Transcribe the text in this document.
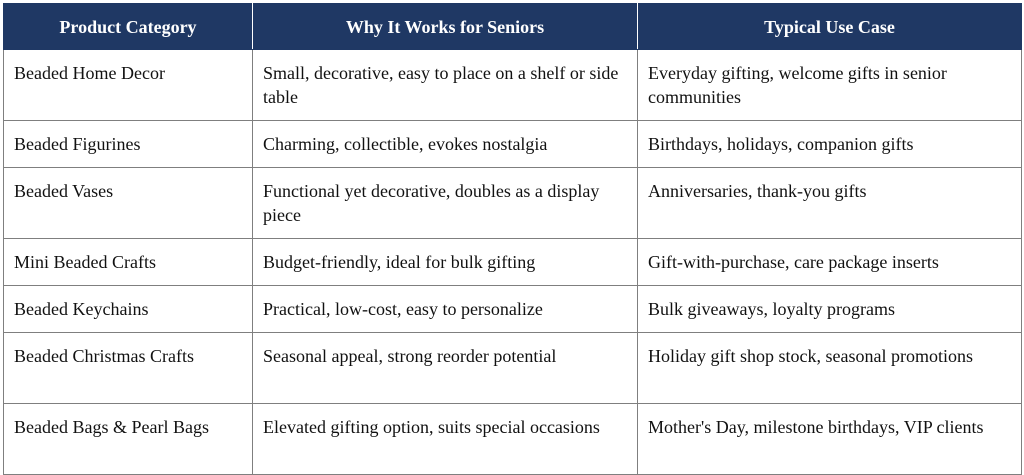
Product Category	Why It Works for Seniors	Typical Use Case
Beaded Home Decor	Small, decorative, easy to place on a shelf or side table	Everyday gifting, welcome gifts in senior communities
Beaded Figurines	Charming, collectible, evokes nostalgia	Birthdays, holidays, companion gifts
Beaded Vases	Functional yet decorative, doubles as a display piece	Anniversaries, thank-you gifts
Mini Beaded Crafts	Budget-friendly, ideal for bulk gifting	Gift-with-purchase, care package inserts
Beaded Keychains	Practical, low-cost, easy to personalize	Bulk giveaways, loyalty programs
Beaded Christmas Crafts	Seasonal appeal, strong reorder potential	Holiday gift shop stock, seasonal promotions
Beaded Bags & Pearl Bags	Elevated gifting option, suits special occasions	Mother's Day, milestone birthdays, VIP clients
